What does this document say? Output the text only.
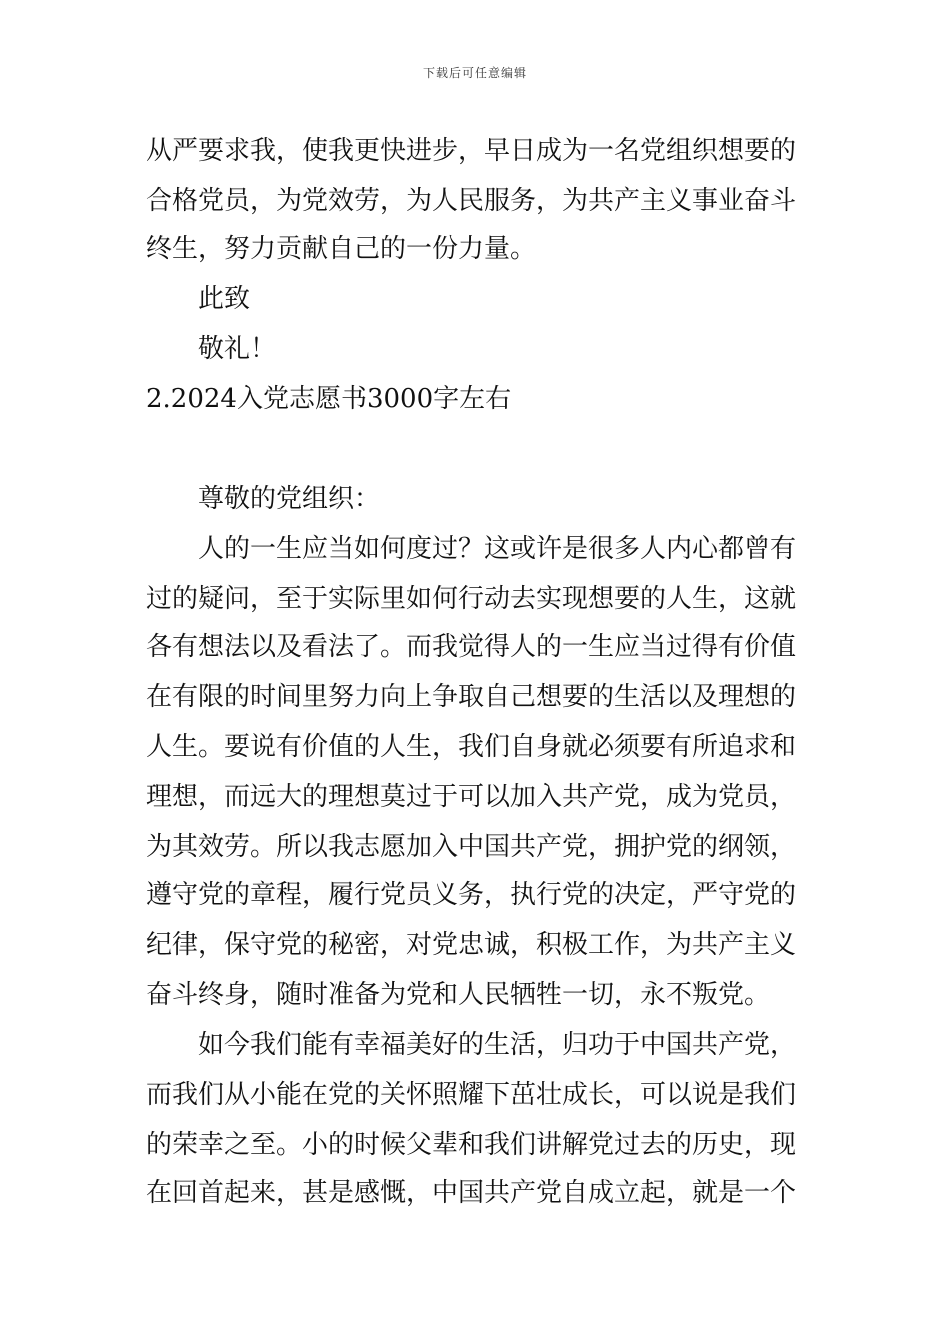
下载后可任意编辑
从严要求我，使我更快进步，早日成为一名党组织想要的
合格党员，为党效劳，为人民服务，为共产主义事业奋斗
终生，努力贡献自己的一份力量。
此致
敬礼！
2.2024入党志愿书3000字左右
尊敬的党组织：
人的一生应当如何度过？这或许是很多人内心都曾有
过的疑问，至于实际里如何行动去实现想要的人生，这就
各有想法以及看法了。而我觉得人的一生应当过得有价值
在有限的时间里努力向上争取自己想要的生活以及理想的
人生。要说有价值的人生，我们自身就必须要有所追求和
理想，而远大的理想莫过于可以加入共产党，成为党员，
为其效劳。所以我志愿加入中国共产党，拥护党的纲领，
遵守党的章程，履行党员义务，执行党的决定，严守党的
纪律，保守党的秘密，对党忠诚，积极工作，为共产主义
奋斗终身，随时准备为党和人民牺牲一切，永不叛党。
如今我们能有幸福美好的生活，归功于中国共产党，
而我们从小能在党的关怀照耀下茁壮成长，可以说是我们
的荣幸之至。小的时候父辈和我们讲解党过去的历史，现
在回首起来，甚是感慨，中国共产党自成立起，就是一个
